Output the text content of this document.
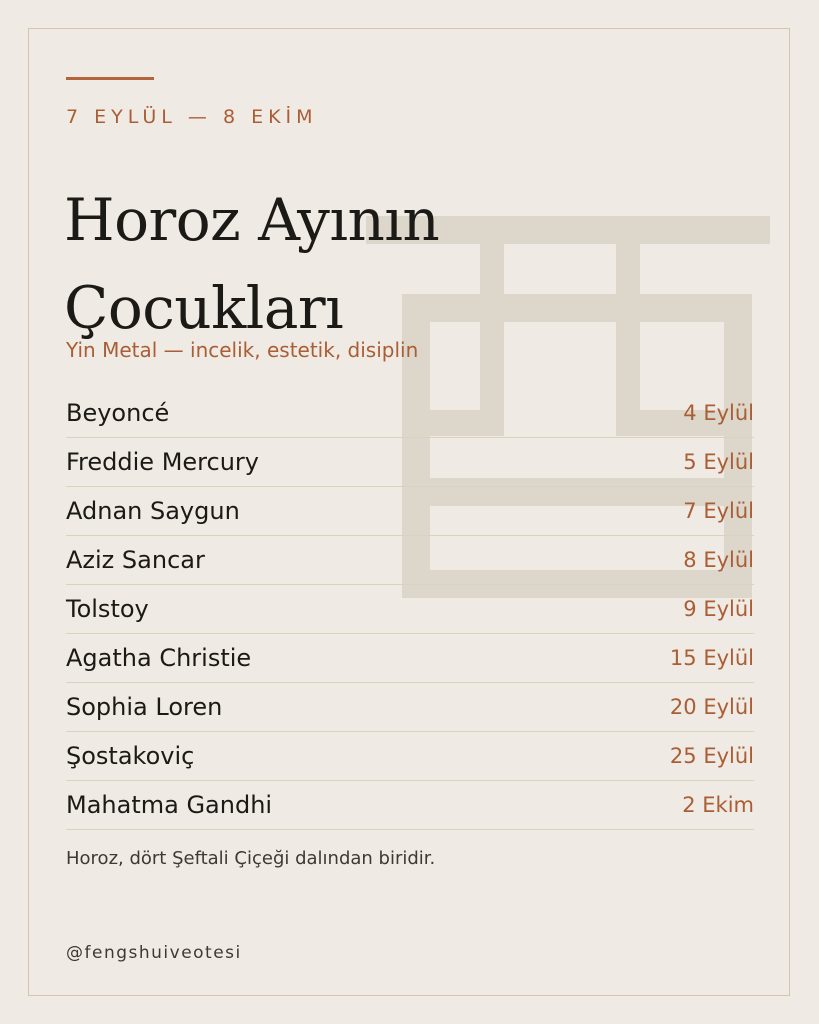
7 EYLÜL — 8 EKİM
Horoz Ayının Çocukları
Yin Metal — incelik, estetik, disiplin
Beyoncé	4 Eylül
Freddie Mercury	5 Eylül
Adnan Saygun	7 Eylül
Aziz Sancar	8 Eylül
Tolstoy	9 Eylül
Agatha Christie	15 Eylül
Sophia Loren	20 Eylül
Şostakoviç	25 Eylül
Mahatma Gandhi	2 Ekim
Horoz, dört Şeftali Çiçeği dalından biridir.
@fengshuiveotesi
